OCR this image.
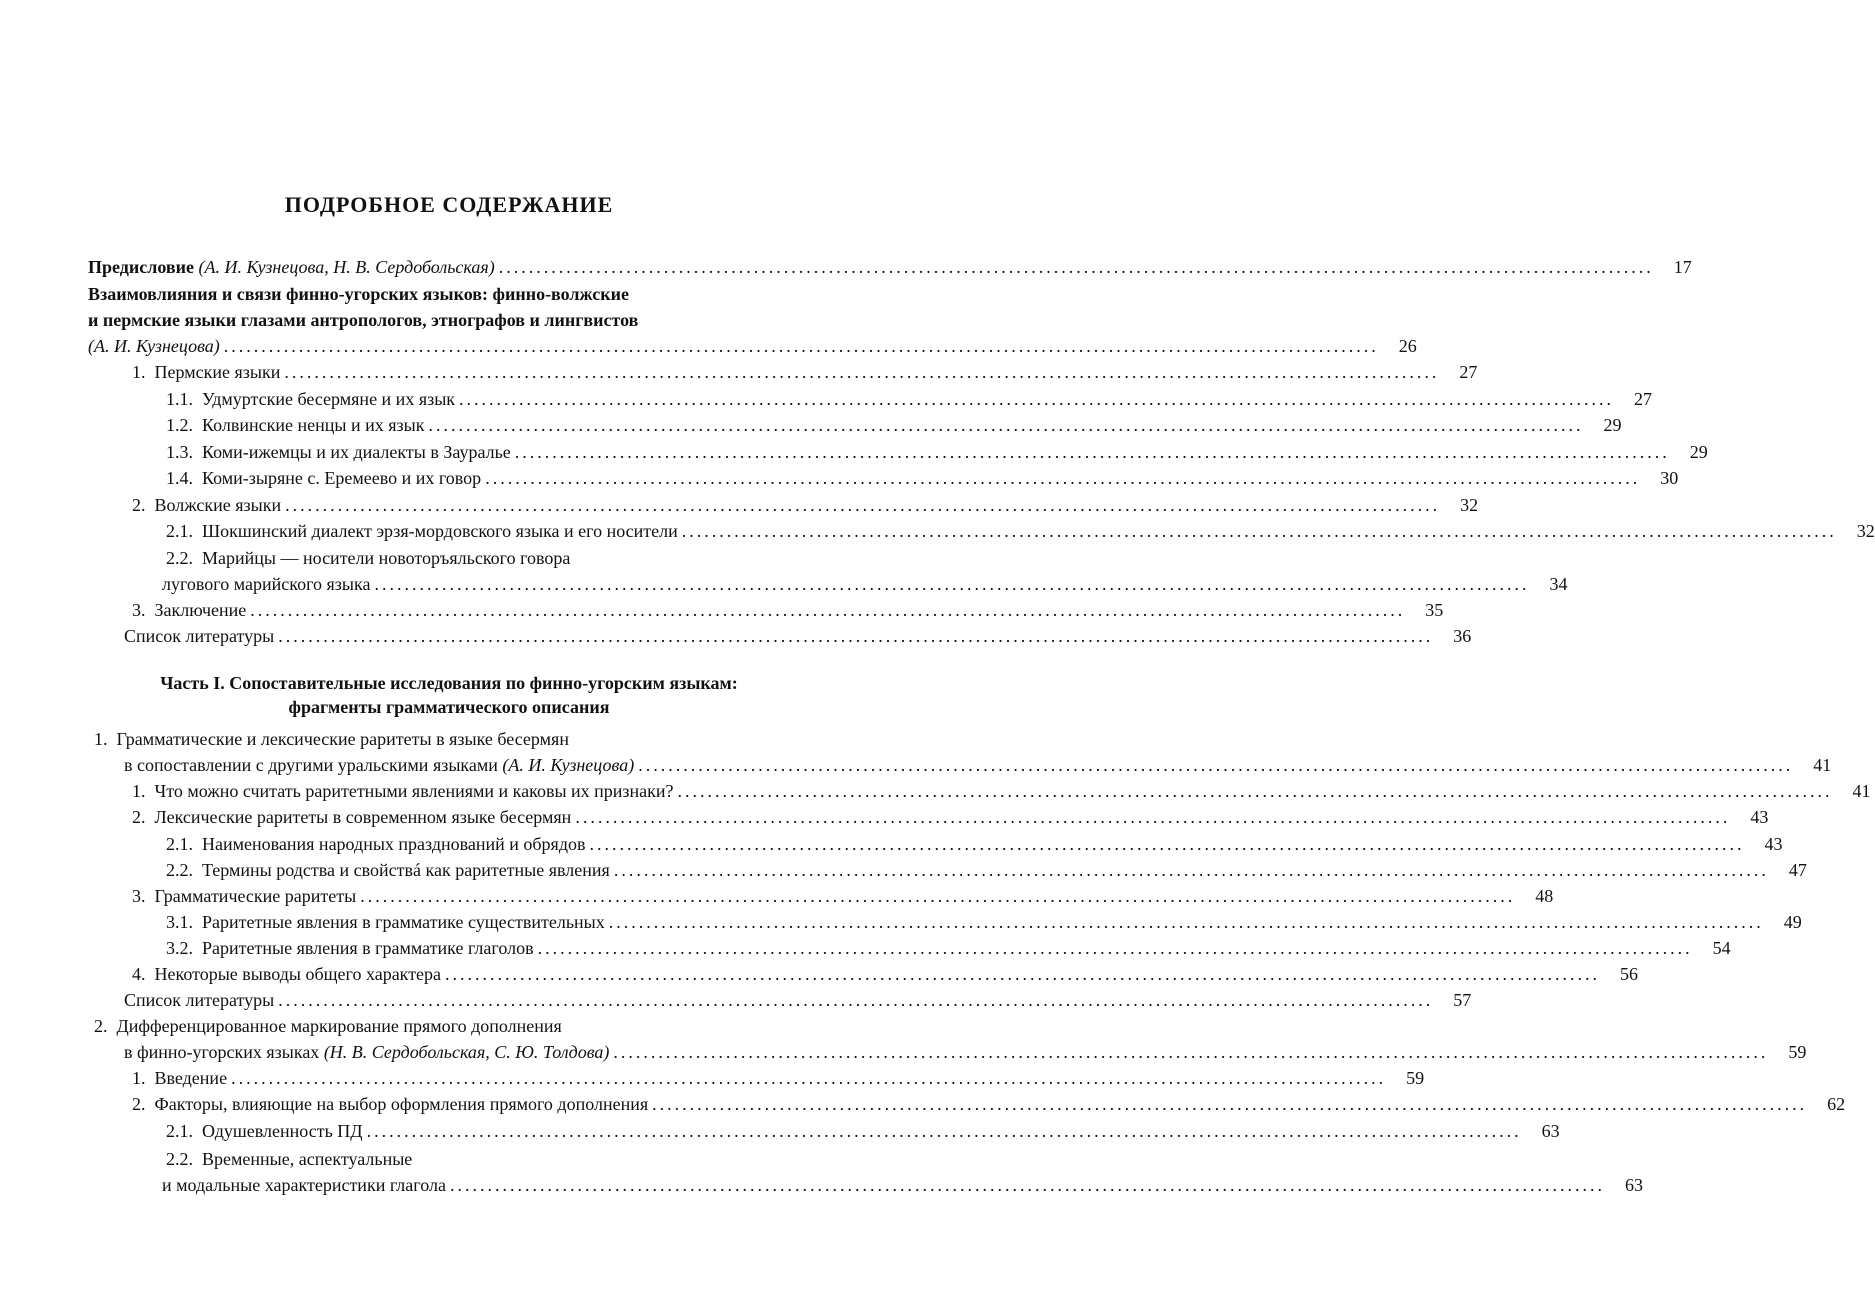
ПОДРОБНОЕ СОДЕРЖАНИЕ
Предисловие (А. И. Кузнецова, Н. В. Сердобольская) ..........................................................................................................................................................	17
Взаимовлияния и связи финно-угорских языков: финно-волжские
и пермские языки глазами антропологов, этнографов и лингвистов
(А. И. Кузнецова) ..........................................................................................................................................................	26
1. Пермские языки ..........................................................................................................................................................	27
1.1. Удмуртские бесермяне и их язык ..........................................................................................................................................................	27
1.2. Колвинские ненцы и их язык ..........................................................................................................................................................	29
1.3. Коми-ижемцы и их диалекты в Зауралье ..........................................................................................................................................................	29
1.4. Коми-зыряне с. Еремеево и их говор ..........................................................................................................................................................	30
2. Волжские языки ..........................................................................................................................................................	32
2.1. Шокшинский диалект эрзя-мордовского языка и его носители ..........................................................................................................................................................	32
2.2. Марийцы — носители новоторъяльского говора
лугового марийского языка ..........................................................................................................................................................	34
3. Заключение ..........................................................................................................................................................	35
Список литературы ..........................................................................................................................................................	36
Часть I. Сопоставительные исследования по финно-угорским языкам:
фрагменты грамматического описания
1. Грамматические и лексические раритеты в языке бесермян
в сопоставлении с другими уральскими языками (А. И. Кузнецова) ..........................................................................................................................................................	41
1. Что можно считать раритетными явлениями и каковы их признаки? ..........................................................................................................................................................	41
2. Лексические раритеты в современном языке бесермян ..........................................................................................................................................................	43
2.1. Наименования народных празднований и обрядов ..........................................................................................................................................................	43
2.2. Термины родства и свойствá как раритетные явления ..........................................................................................................................................................	47
3. Грамматические раритеты ..........................................................................................................................................................	48
3.1. Раритетные явления в грамматике существительных ..........................................................................................................................................................	49
3.2. Раритетные явления в грамматике глаголов ..........................................................................................................................................................	54
4. Некоторые выводы общего характера ..........................................................................................................................................................	56
Список литературы ..........................................................................................................................................................	57
2. Дифференцированное маркирование прямого дополнения
в финно-угорских языках (Н. В. Сердобольская, С. Ю. Толдова) ..........................................................................................................................................................	59
1. Введение ..........................................................................................................................................................	59
2. Факторы, влияющие на выбор оформления прямого дополнения ..........................................................................................................................................................	62
2.1. Одушевленность ПД ..........................................................................................................................................................	63
2.2. Временные, аспектуальные
и модальные характеристики глагола ..........................................................................................................................................................	63
